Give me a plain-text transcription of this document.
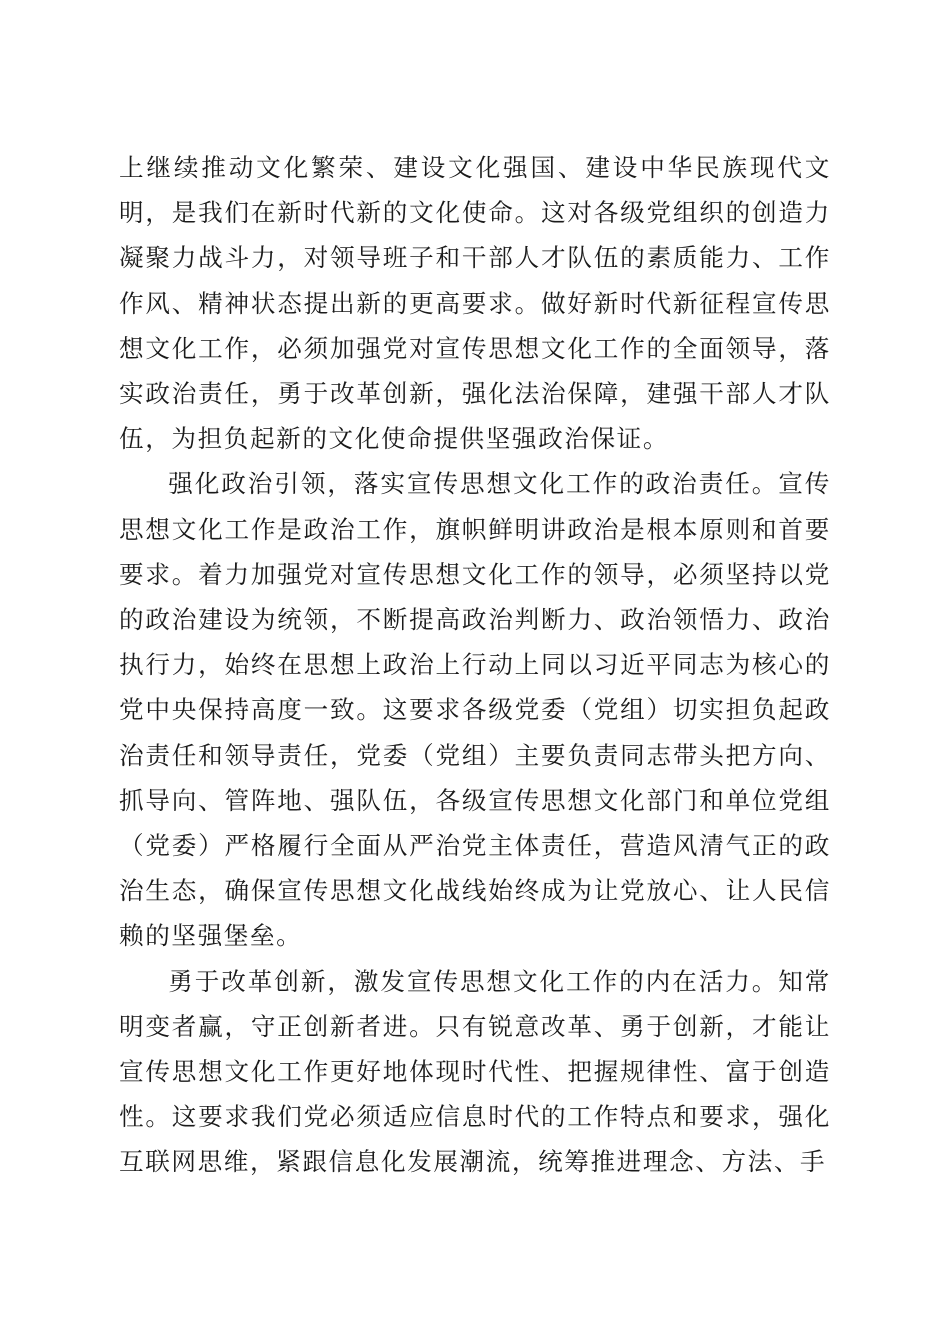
上继续推动文化繁荣、建设文化强国、建设中华民族现代文明，是我们在新时代新的文化使命。这对各级党组织的创造力凝聚力战斗力，对领导班子和干部人才队伍的素质能力、工作作风、精神状态提出新的更高要求。做好新时代新征程宣传思想文化工作，必须加强党对宣传思想文化工作的全面领导，落实政治责任，勇于改革创新，强化法治保障，建强干部人才队伍，为担负起新的文化使命提供坚强政治保证。

强化政治引领，落实宣传思想文化工作的政治责任。宣传思想文化工作是政治工作，旗帜鲜明讲政治是根本原则和首要要求。着力加强党对宣传思想文化工作的领导，必须坚持以党的政治建设为统领，不断提高政治判断力、政治领悟力、政治执行力，始终在思想上政治上行动上同以习近平同志为核心的党中央保持高度一致。这要求各级党委（党组）切实担负起政治责任和领导责任，党委（党组）主要负责同志带头把方向、抓导向、管阵地、强队伍，各级宣传思想文化部门和单位党组（党委）严格履行全面从严治党主体责任，营造风清气正的政治生态，确保宣传思想文化战线始终成为让党放心、让人民信赖的坚强堡垒。

勇于改革创新，激发宣传思想文化工作的内在活力。知常明变者赢，守正创新者进。只有锐意改革、勇于创新，才能让宣传思想文化工作更好地体现时代性、把握规律性、富于创造性。这要求我们党必须适应信息时代的工作特点和要求，强化互联网思维，紧跟信息化发展潮流，统筹推进理念、方法、手
